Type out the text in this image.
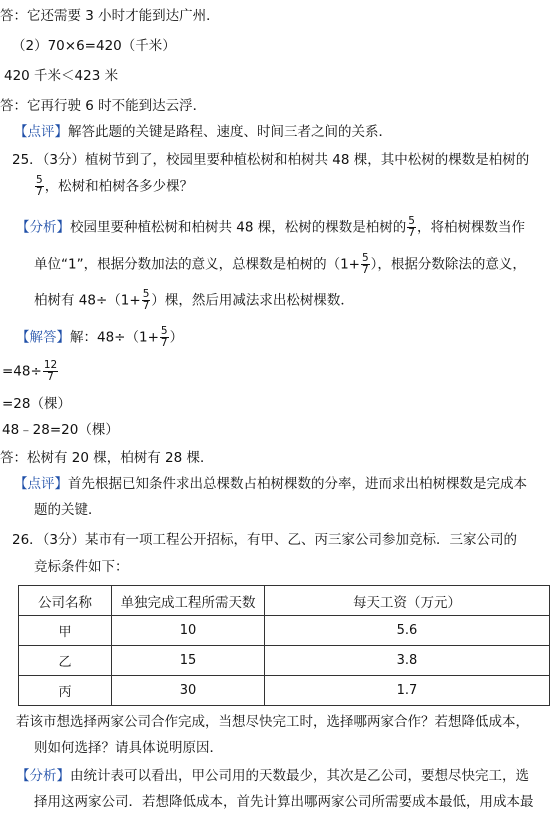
答：它还需要 3 小时才能到达广州．
（2）70×6=420（千米）
420 千米＜423 米
答：它再行驶 6 时不能到达云浮．
【点评】解答此题的关键是路程、速度、时间三者之间的关系．
25．（3分）植树节到了，校园里要种植松树和柏树共 48 棵，其中松树的棵数是柏树的
$\frac{5}{7}$ ，松树和柏树各多少棵？
【分析】校园里要种植松树和柏树共 48 棵，松树的棵数是柏树的 $\frac{5}{7}$ ，将柏树棵数当作
单位“1”，根据分数加法的意义，总棵数是柏树的（$1+ \frac{5}{7}$ ），根据分数除法的意义，
柏树有 $48\div(1+ \frac{5}{7}$ ）棵，然后用减法求出松树棵数．
【解答】解：$48\div(1+ \frac{5}{7}$ ）
$=48\div \frac{12}{7}$
=28（棵）
48﹣28=20（棵）
答：松树有 20 棵，柏树有 28 棵．
【点评】首先根据已知条件求出总棵数占柏树棵数的分率，进而求出柏树棵数是完成本
题的关键．
26．（3分）某市有一项工程公开招标，有甲、乙、丙三家公司参加竞标．三家公司的
竞标条件如下：
公司名称	单独完成工程所需天数	每天工资（万元）
甲	10	5.6
乙	15	3.8
丙	30	1.7
若该市想选择两家公司合作完成，当想尽快完工时，选择哪两家合作？若想降低成本，
则如何选择？请具体说明原因．
【分析】由统计表可以看出，甲公司用的天数最少，其次是乙公司，要想尽快完工，选
择用这两家公司．若想降低成本，首先计算出哪两家公司所需要成本最低，用成本最
